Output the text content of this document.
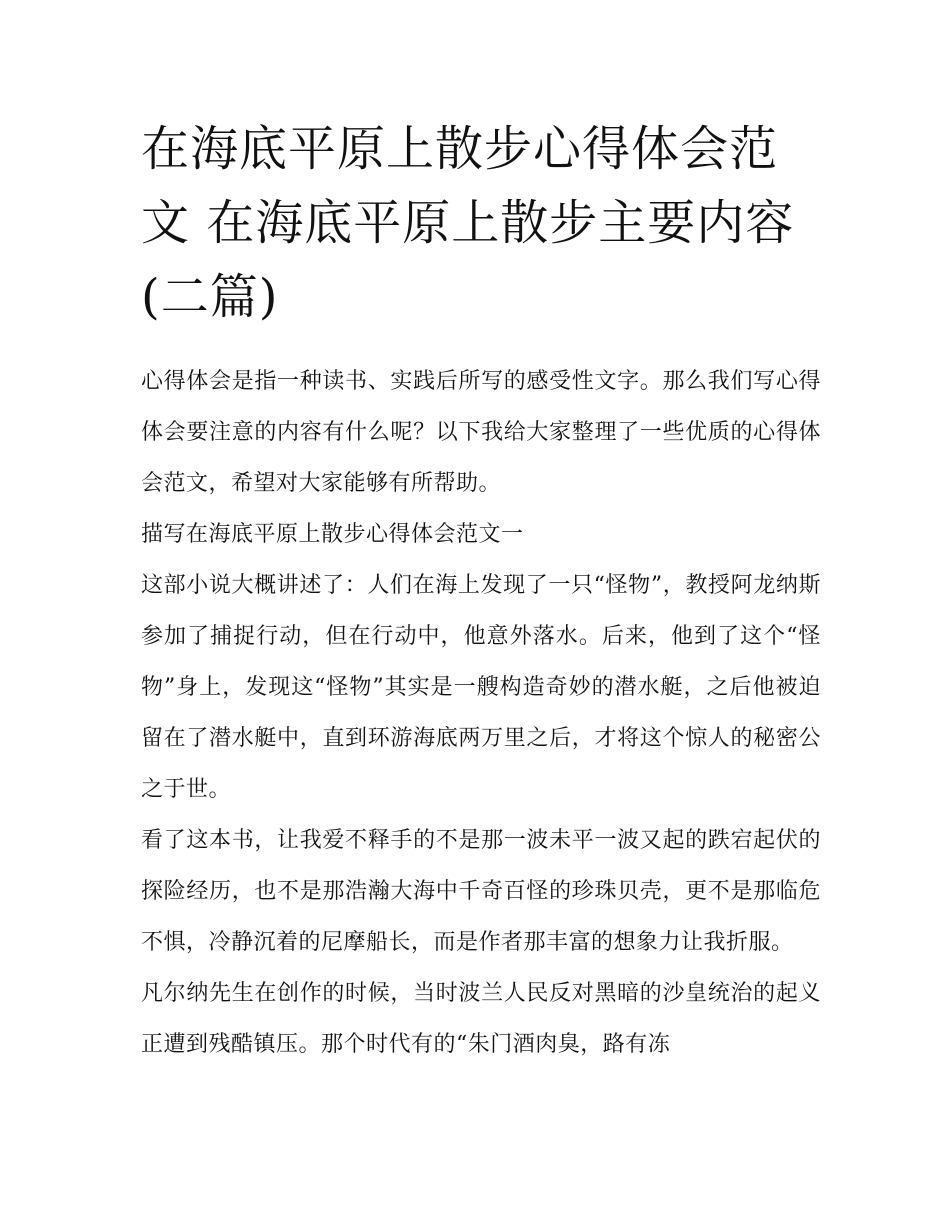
在海底平原上散步心得体会范文 在海底平原上散步主要内容(二篇)

心得体会是指一种读书、实践后所写的感受性文字。那么我们写心得体会要注意的内容有什么呢？以下我给大家整理了一些优质的心得体会范文，希望对大家能够有所帮助。

描写在海底平原上散步心得体会范文一

这部小说大概讲述了：人们在海上发现了一只“怪物”，教授阿龙纳斯参加了捕捉行动，但在行动中，他意外落水。后来，他到了这个“怪物”身上，发现这“怪物”其实是一艘构造奇妙的潜水艇，之后他被迫留在了潜水艇中，直到环游海底两万里之后，才将这个惊人的秘密公之于世。

看了这本书，让我爱不释手的不是那一波未平一波又起的跌宕起伏的探险经历，也不是那浩瀚大海中千奇百怪的珍珠贝壳，更不是那临危不惧，冷静沉着的尼摩船长，而是作者那丰富的想象力让我折服。

凡尔纳先生在创作的时候，当时波兰人民反对黑暗的沙皇统治的起义正遭到残酷镇压。那个时代有的“朱门酒肉臭，路有冻
